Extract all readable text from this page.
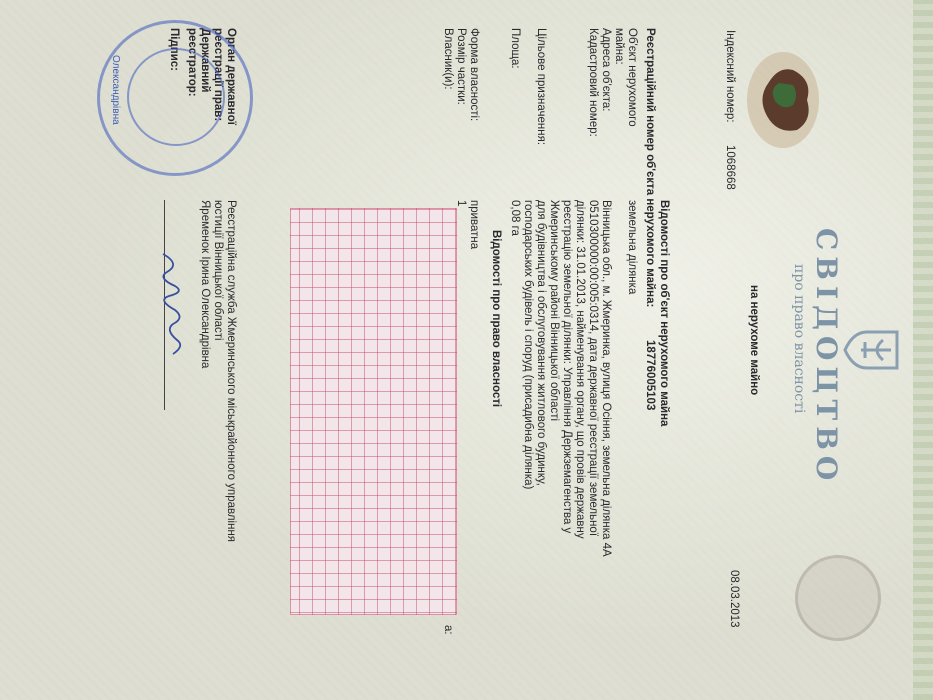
СВІДОЦТВО
про право власності
на нерухоме майно
08.03.2013
Індексний номер:
1068668
Відомості про об'єкт нерухомого майна
Реєстраційний номер об'єкта нерухомого майна:
18776005103
Об'єкт нерухомого
земельна ділянка
майна:
Адреса об'єкта:
Вінницька обл., м. Жмеринка, вулиця Осіння, земельна ділянка 4А
Кадастровий номер:
0510300000:00:005:0314, дата державної реєстрації земельної
ділянки: 31.01.2013, найменування органу, що провів державну
реєстрацію земельної ділянки: Управління Держземагенства у
Жмеринському районі Вінницької області
Цільове призначення:
для будівництва і обслуговування житлового будинку,
господарських будівель і споруд (присадибна ділянка)
Площа:
0,08 га
Відомості про право власності
Форма власності:
приватна
Розмір частки:
1
Власник(и):
а:
Орган державної
Реєстраційна служба Жмеринського міськрайонного управління
реєстрації прав:
юстиції Вінницької області
Державний
Яременок Ірина Олександрівна
реєстратор:
Підпис:
Олександрівна
